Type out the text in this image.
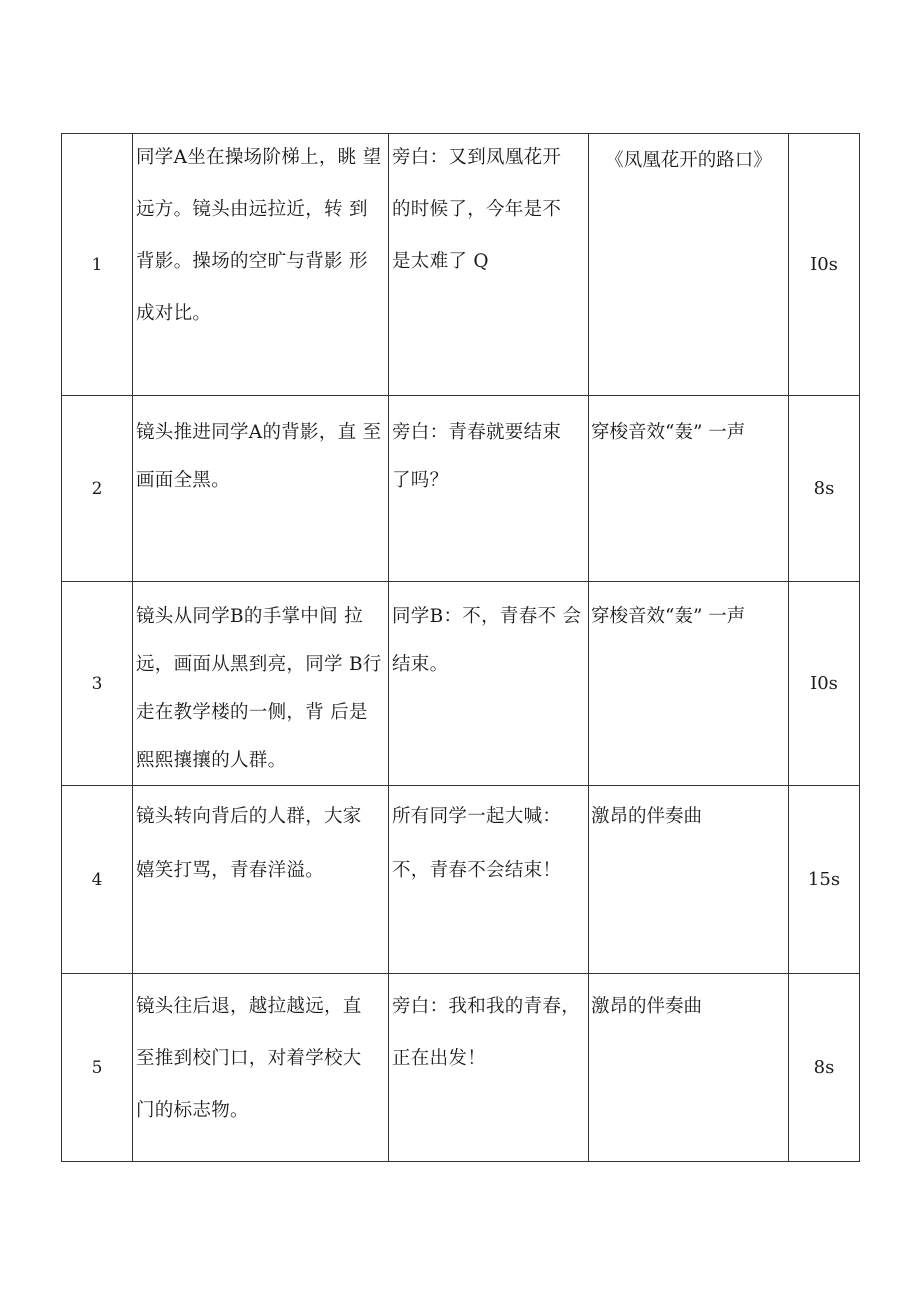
1	同学A坐在操场阶梯上，眺 望
远方。镜头由远拉近，转 到
背影。操场的空旷与背影 形
成对比。	旁白：又到凤凰花开
的时候了，今年是不
是太难了 Q	《凤凰花开的路口》	I0s
2	镜头推进同学A的背影，直 至
画面全黑。	旁白：青春就要结束
了吗？	穿梭音效“轰” 一声	8s
3	镜头从同学B的手掌中间 拉
远，画面从黑到亮，同学 B行
走在教学楼的一侧，背 后是
熙熙攘攘的人群。	同学B：不，青春不 会
结束。	穿梭音效“轰” 一声	I0s
4	镜头转向背后的人群，大家
嬉笑打骂，青春洋溢。	所有同学一起大喊：
不，青春不会结束！	激昂的伴奏曲	15s
5	镜头往后退，越拉越远，直
至推到校门口，对着学校大
门的标志物。	旁白：我和我的青春，
正在出发！	激昂的伴奏曲	8s
